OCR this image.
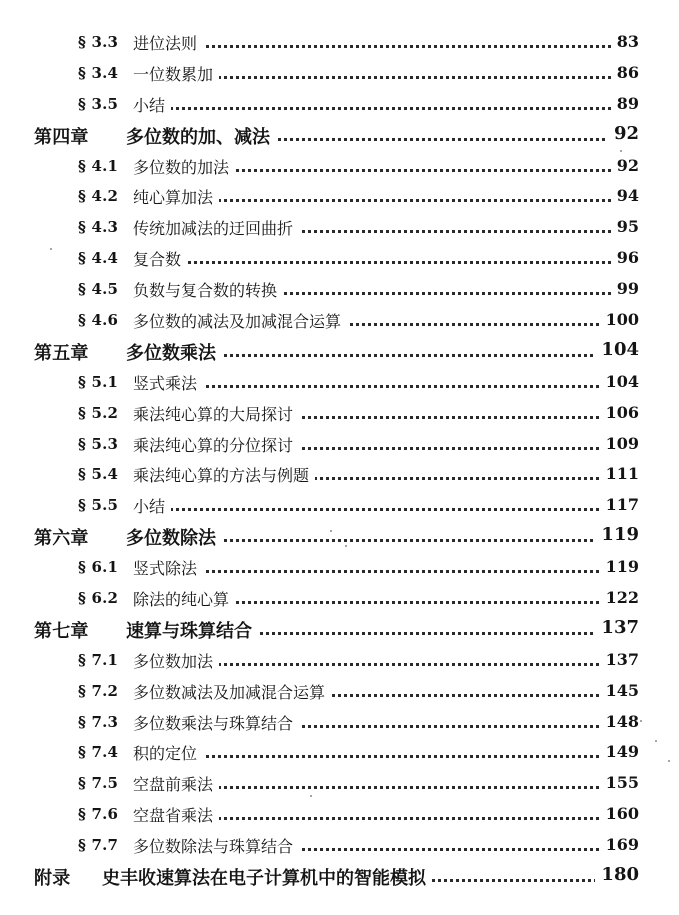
§ 3.3 进位法则	83
§ 3.4 一位数累加	86
§ 3.5 小结	89
第四章 多位数的加、减法	92
§ 4.1 多位数的加法	92
§ 4.2 纯心算加法	94
§ 4.3 传统加减法的迂回曲折	95
§ 4.4 复合数	96
§ 4.5 负数与复合数的转换	99
§ 4.6 多位数的减法及加减混合运算	100
第五章 多位数乘法	104
§ 5.1 竖式乘法	104
§ 5.2 乘法纯心算的大局探讨	106
§ 5.3 乘法纯心算的分位探讨	109
§ 5.4 乘法纯心算的方法与例题	111
§ 5.5 小结	117
第六章 多位数除法	119
§ 6.1 竖式除法	119
§ 6.2 除法的纯心算	122
第七章 速算与珠算结合	137
§ 7.1 多位数加法	137
§ 7.2 多位数减法及加减混合运算	145
§ 7.3 多位数乘法与珠算结合	148
§ 7.4 积的定位	149
§ 7.5 空盘前乘法	155
§ 7.6 空盘省乘法	160
§ 7.7 多位数除法与珠算结合	169
附录 史丰收速算法在电子计算机中的智能模拟	180
